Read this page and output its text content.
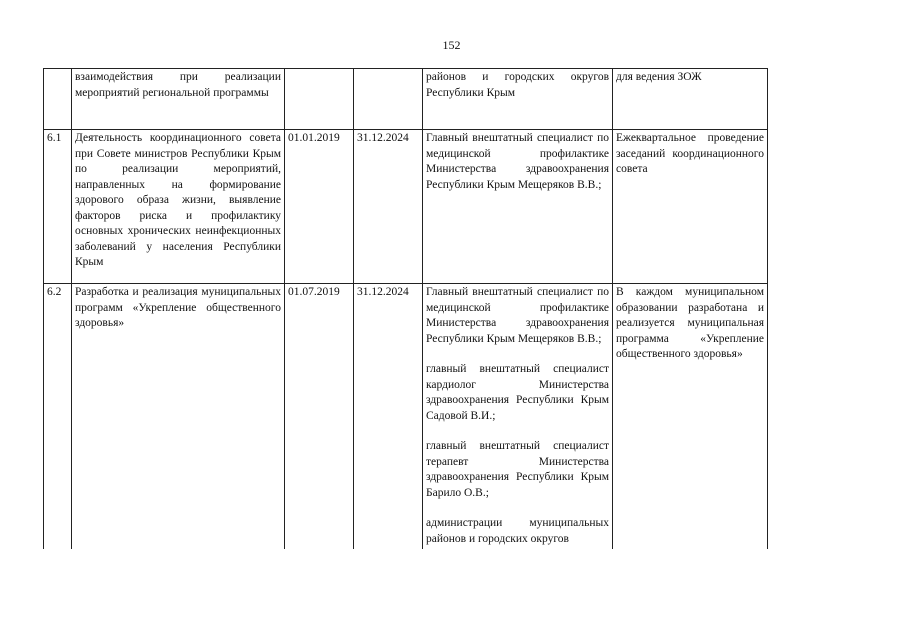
152
	взаимодействия при реализации мероприятий региональной программы			районов и городских округов Республики Крым	для ведения ЗОЖ
6.1	Деятельность координационного совета при Совете министров Республики Крым по реализации мероприятий, направленных на формирование здорового образа жизни, выявление факторов риска и профилактику основных хронических неинфекционных заболеваний у населения Республики Крым	01.01.2019	31.12.2024	Главный внештатный специалист по медицинской профилактике Министерства здравоохранения Республики Крым Мещеряков В.В.;	Ежеквартальное проведение заседаний координационного совета
6.2	Разработка и реализация муниципальных программ «Укрепление общественного здоровья»	01.07.2019	31.12.2024	Главный внештатный специалист по медицинской профилактике Министерства здравоохранения Республики Крым Мещеряков В.В.;

главный внештатный специалист кардиолог Министерства здравоохранения Республики Крым Садовой В.И.;

главный внештатный специалист терапевт Министерства здравоохранения Республики Крым Барило О.В.;

администрации муниципальных районов и городских округов	В каждом муниципальном образовании разработана и реализуется муниципальная программа «Укрепление общественного здоровья»
